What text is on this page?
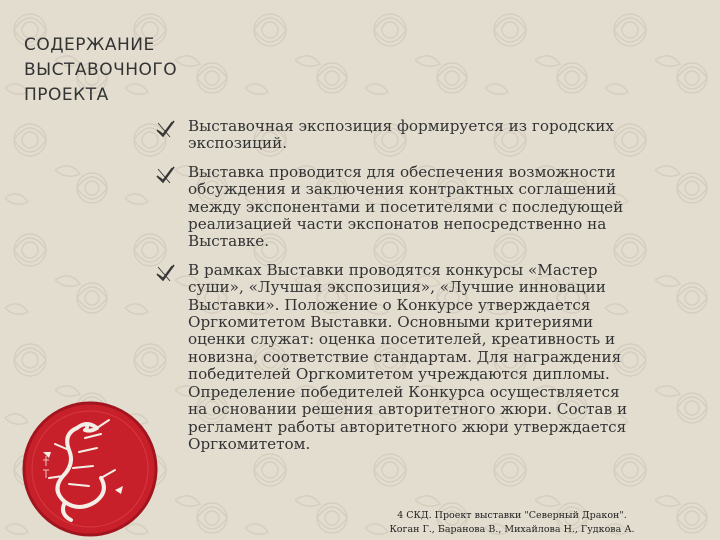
СОДЕРЖАНИЕ
ВЫСТАВОЧНОГО
ПРОЕКТА
Выставочная экспозиция формируется из городских
экспозиций.
Выставка проводится для обеспечения возможности
обсуждения и заключения контрактных соглашений
между экспонентами и посетителями с последующей
реализацией части экспонатов непосредственно на
Выставке.
В рамках Выставки проводятся конкурсы «Мастер
суши», «Лучшая экспозиция», «Лучшие инновации
Выставки». Положение о Конкурсе утверждается
Оргкомитетом Выставки. Основными критериями
оценки служат: оценка посетителей, креативность и
новизна, соответствие стандартам. Для награждения
победителей Оргкомитетом учреждаются дипломы.
Определение победителей Конкурса осуществляется
на основании решения авторитетного жюри. Состав и
регламент работы авторитетного жюри утверждается
Оргкомитетом.
4 СКД. Проект выставки "Северный Дракон".
Коган Г., Баранова В., Михайлова Н., Гудкова А.
